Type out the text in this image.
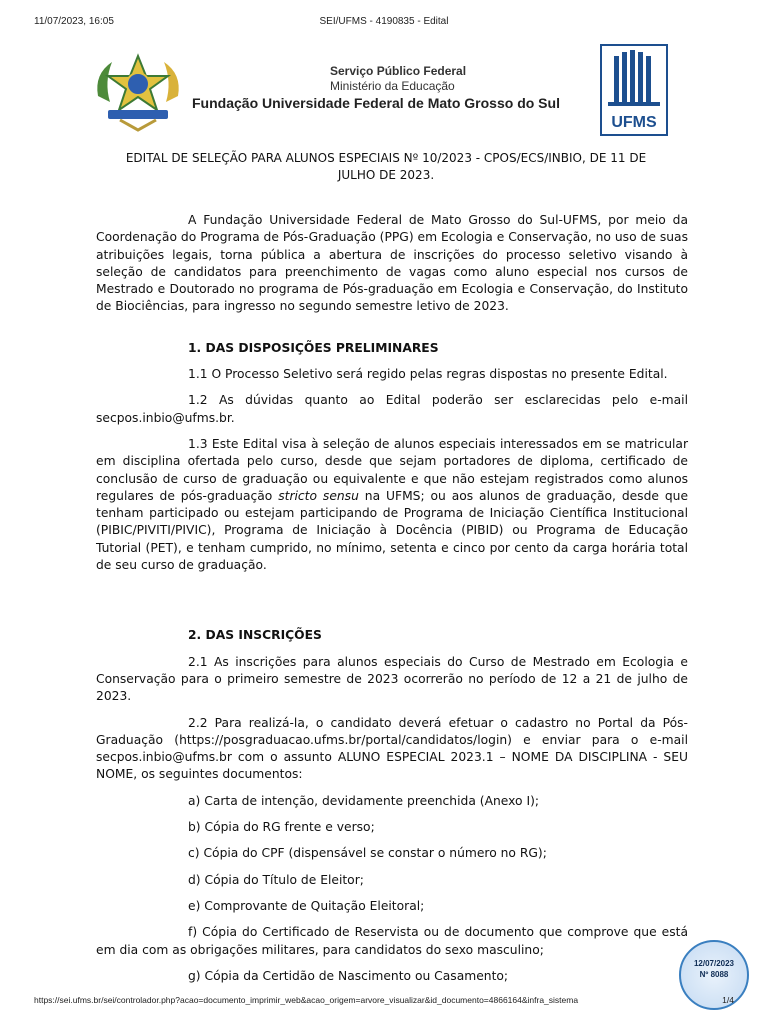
11/07/2023, 16:05	SEI/UFMS - 4190835 - Edital
Serviço Público Federal
Ministério da Educação
Fundação Universidade Federal de Mato Grosso do Sul
UFMS
EDITAL DE SELEÇÃO PARA ALUNOS ESPECIAIS Nº 10/2023 - CPOS/ECS/INBIO, DE 11 DE
JULHO DE 2023.

A Fundação Universidade Federal de Mato Grosso do Sul-UFMS, por meio da Coordenação do Programa de Pós-Graduação (PPG) em Ecologia e Conservação, no uso de suas atribuições legais, torna pública a abertura de inscrições do processo seletivo visando à seleção de candidatos para preenchimento de vagas como aluno especial nos cursos de Mestrado e Doutorado no programa de Pós-graduação em Ecologia e Conservação, do Instituto de Biociências, para ingresso no segundo semestre letivo de 2023.

1. DAS DISPOSIÇÕES PRELIMINARES

1.1 O Processo Seletivo será regido pelas regras dispostas no presente Edital.

1.2 As dúvidas quanto ao Edital poderão ser esclarecidas pelo e-mail secpos.inbio@ufms.br.

1.3 Este Edital visa à seleção de alunos especiais interessados em se matricular em disciplina ofertada pelo curso, desde que sejam portadores de diploma, certificado de conclusão de curso de graduação ou equivalente e que não estejam registrados como alunos regulares de pós-graduação stricto sensu na UFMS; ou aos alunos de graduação, desde que tenham participado ou estejam participando de Programa de Iniciação Científica Institucional (PIBIC/PIVITI/PIVIC), Programa de Iniciação à Docência (PIBID) ou Programa de Educação Tutorial (PET), e tenham cumprido, no mínimo, setenta e cinco por cento da carga horária total de seu curso de graduação.

2. DAS INSCRIÇÕES

2.1 As inscrições para alunos especiais do Curso de Mestrado em Ecologia e Conservação para o primeiro semestre de 2023 ocorrerão no período de 12 a 21 de julho de 2023.

2.2 Para realizá-la, o candidato deverá efetuar o cadastro no Portal da Pós-Graduação (https://posgraduacao.ufms.br/portal/candidatos/login) e enviar para o e-mail secpos.inbio@ufms.br com o assunto ALUNO ESPECIAL 2023.1 – NOME DA DISCIPLINA - SEU NOME, os seguintes documentos:

a) Carta de intenção, devidamente preenchida (Anexo I);
b) Cópia do RG frente e verso;
c) Cópia do CPF (dispensável se constar o número no RG);
d) Cópia do Título de Eleitor;
e) Comprovante de Quitação Eleitoral;

f) Cópia do Certificado de Reservista ou de documento que comprove que está em dia com as obrigações militares, para candidatos do sexo masculino;

g) Cópia da Certidão de Nascimento ou Casamento;
12/07/2023
Nº 8088
https://sei.ufms.br/sei/controlador.php?acao=documento_imprimir_web&acao_origem=arvore_visualizar&id_documento=4866164&infra_sistema	1/4
